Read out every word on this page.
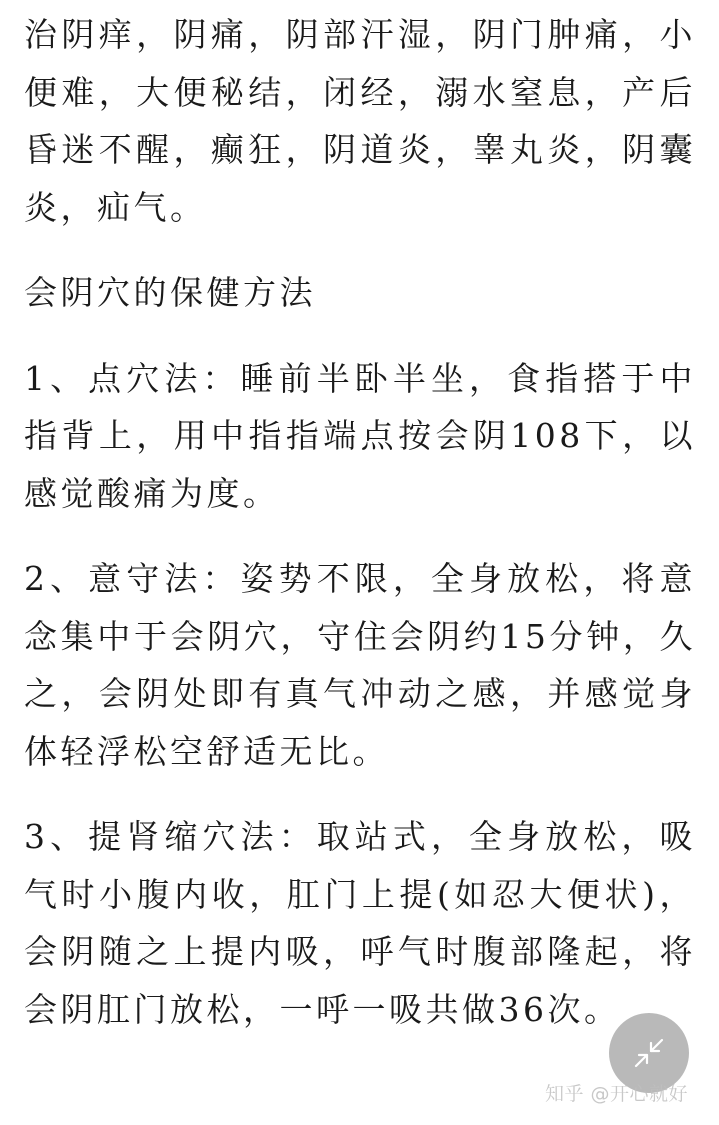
治阴痒，阴痛，阴部汗湿，阴门肿痛，小便难，大便秘结，闭经，溺水窒息，产后昏迷不醒，癫狂，阴道炎，睾丸炎，阴囊炎，疝气。

会阴穴的保健方法

1、点穴法：睡前半卧半坐，食指搭于中指背上，用中指指端点按会阴108下，以感觉酸痛为度。

2、意守法：姿势不限，全身放松，将意念集中于会阴穴，守住会阴约15分钟，久之，会阴处即有真气冲动之感，并感觉身体轻浮松空舒适无比。

3、提肾缩穴法：取站式，全身放松，吸气时小腹内收，肛门上提(如忍大便状)，会阴随之上提内吸，呼气时腹部隆起，将会阴肛门放松，一呼一吸共做36次。

知乎 @开心就好
